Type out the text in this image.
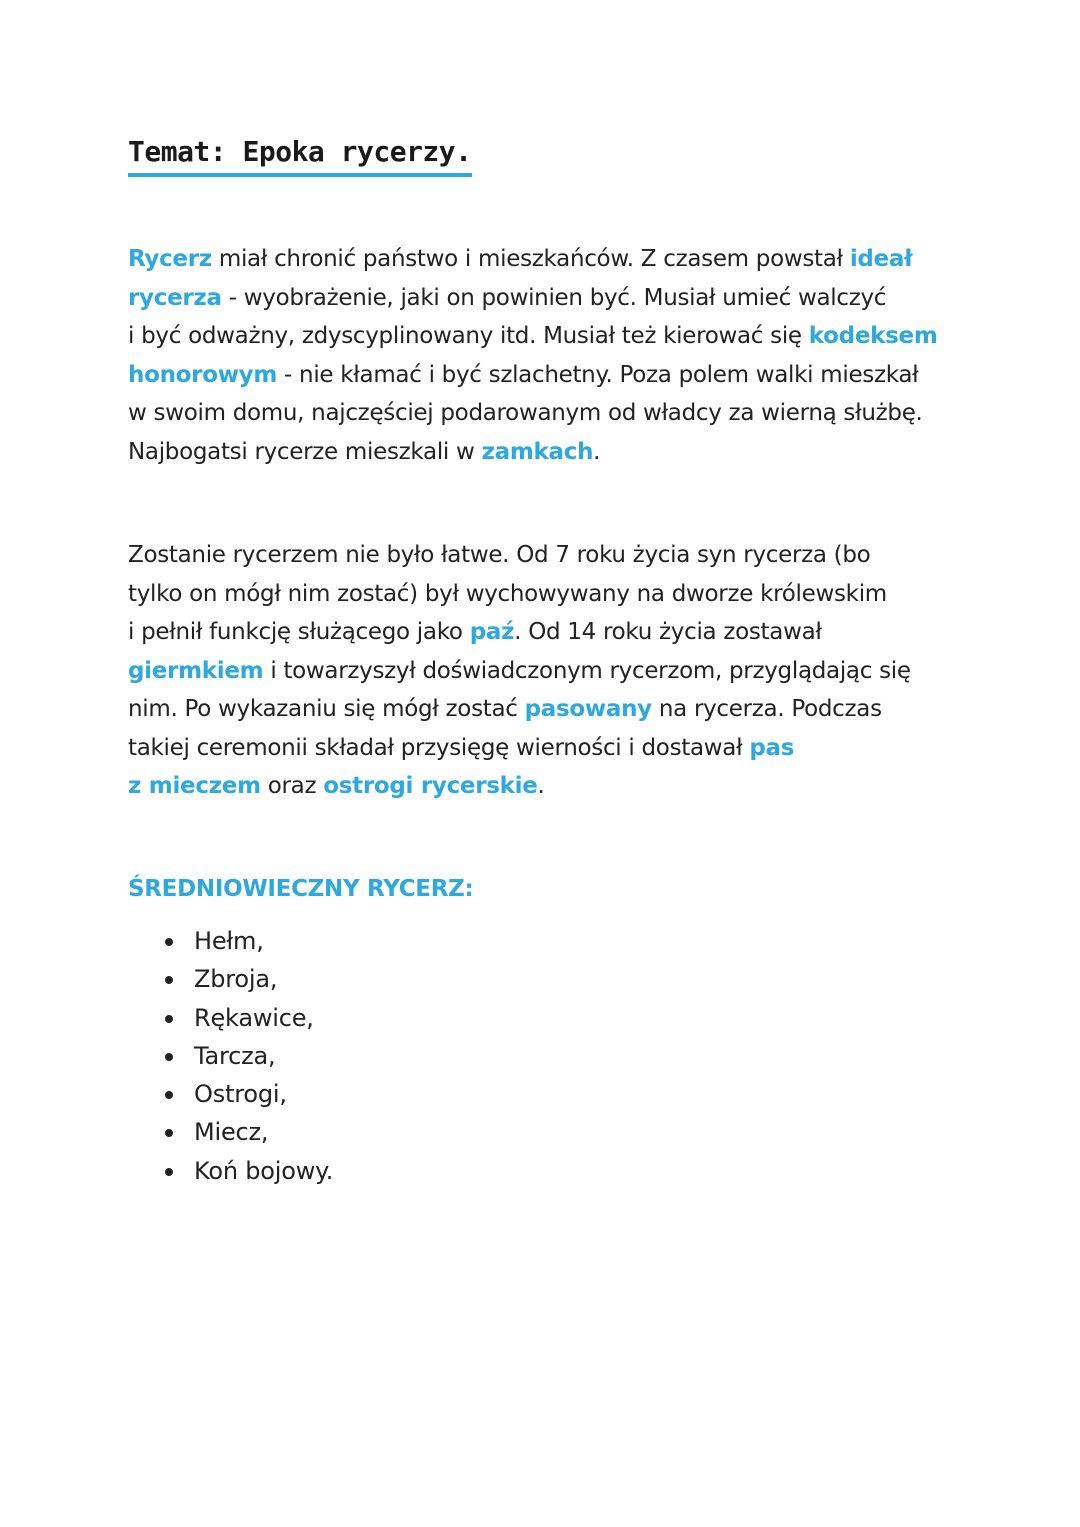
Temat: Epoka rycerzy.

Rycerz miał chronić państwo i mieszkańców. Z czasem powstał ideał
rycerza - wyobrażenie, jaki on powinien być. Musiał umieć walczyć
i być odważny, zdyscyplinowany itd. Musiał też kierować się kodeksem
honorowym - nie kłamać i być szlachetny. Poza polem walki mieszkał
w swoim domu, najczęściej podarowanym od władcy za wierną służbę.
Najbogatsi rycerze mieszkali w zamkach.

Zostanie rycerzem nie było łatwe. Od 7 roku życia syn rycerza (bo
tylko on mógł nim zostać) był wychowywany na dworze królewskim
i pełnił funkcję służącego jako paź. Od 14 roku życia zostawał
giermkiem i towarzyszył doświadczonym rycerzom, przyglądając się
nim. Po wykazaniu się mógł zostać pasowany na rycerza. Podczas
takiej ceremonii składał przysięgę wierności i dostawał pas
z mieczem oraz ostrogi rycerskie.

ŚREDNIOWIECZNY RYCERZ:
Hełm,
Zbroja,
Rękawice,
Tarcza,
Ostrogi,
Miecz,
Koń bojowy.
